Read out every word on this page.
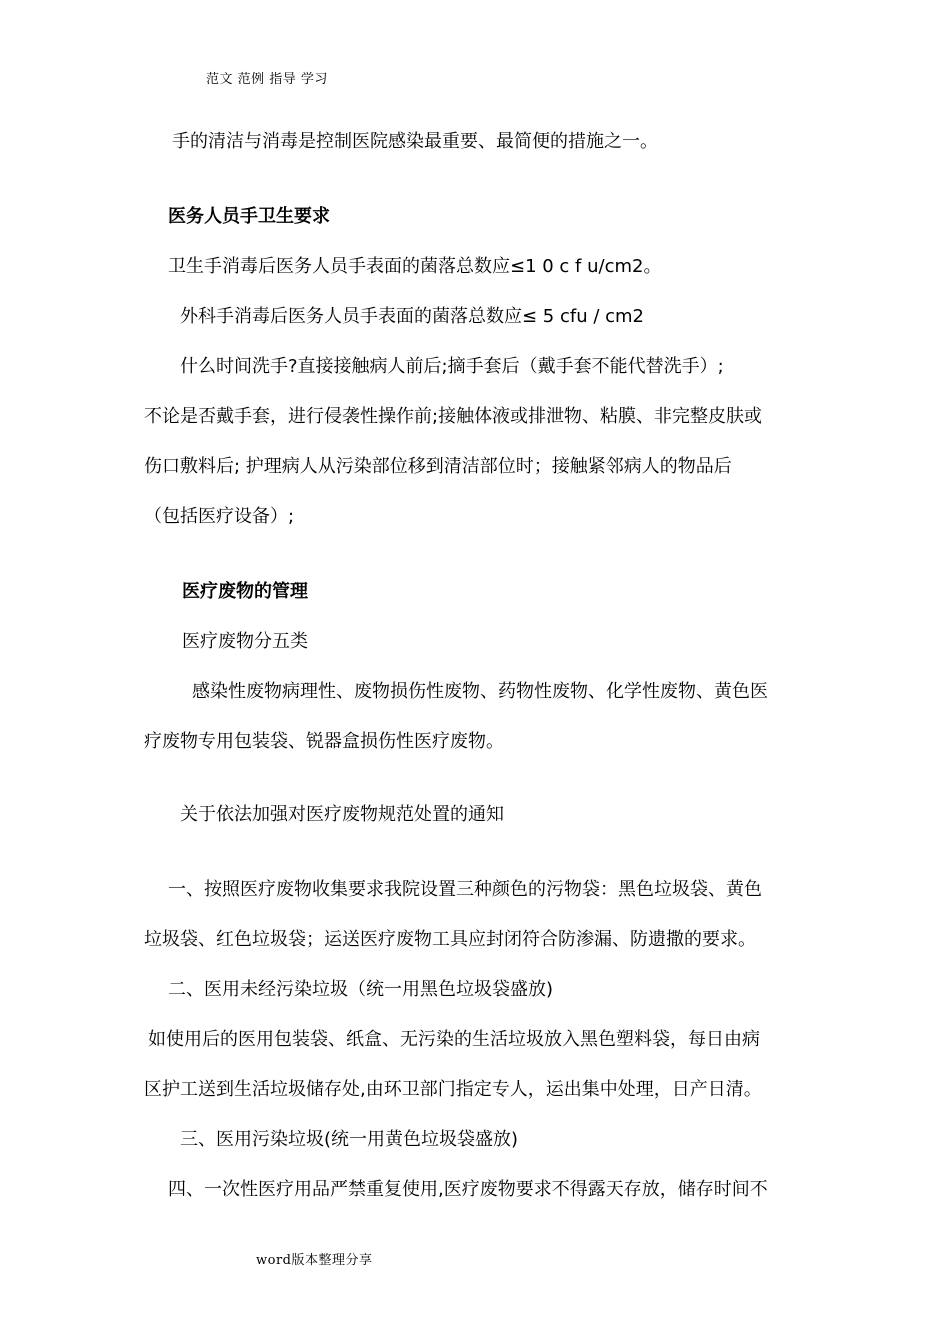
范文 范例 指导 学习
手的清洁与消毒是控制医院感染最重要、最简便的措施之一。
医务人员手卫生要求
卫生手消毒后医务人员手表面的菌落总数应≤1 0 c f u/cm2。
外科手消毒后医务人员手表面的菌落总数应≤ 5 cfu / cm2
什么时间洗手?直接接触病人前后;摘手套后（戴手套不能代替洗手）;
不论是否戴手套，进行侵袭性操作前;接触体液或排泄物、粘膜、非完整皮肤或
伤口敷料后; 护理病人从污染部位移到清洁部位时；接触紧邻病人的物品后
（包括医疗设备）;
医疗废物的管理
医疗废物分五类
感染性废物病理性、废物损伤性废物、药物性废物、化学性废物、黄色医
疗废物专用包装袋、锐器盒损伤性医疗废物。
关于依法加强对医疗废物规范处置的通知
一、按照医疗废物收集要求我院设置三种颜色的污物袋：黑色垃圾袋、黄色
垃圾袋、红色垃圾袋；运送医疗废物工具应封闭符合防渗漏、防遗撒的要求。
二、医用未经污染垃圾（统一用黑色垃圾袋盛放)
如使用后的医用包装袋、纸盒、无污染的生活垃圾放入黑色塑料袋，每日由病
区护工送到生活垃圾储存处,由环卫部门指定专人，运出集中处理，日产日清。
三、医用污染垃圾(统一用黄色垃圾袋盛放)
四、一次性医疗用品严禁重复使用,医疗废物要求不得露天存放，储存时间不
word版本整理分享
